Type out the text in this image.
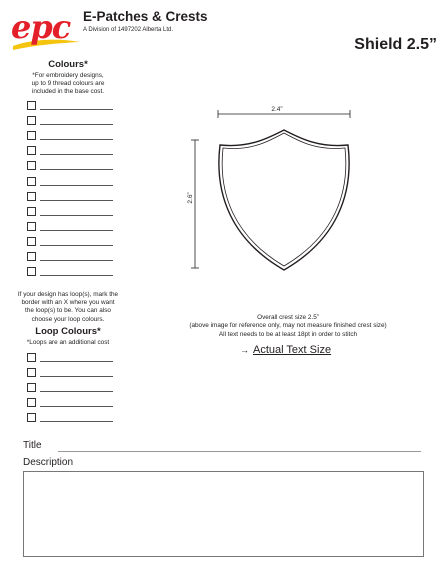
epc E-Patches & Crests
A Division of 1497202 Alberta Ltd.
Shield 2.5”
Colours*
*For embroidery designs,
up to 9 thread colours are
included in the base cost.
If your design has loop(s), mark the
border with an X where you want
the loop(s) to be. You can also
choose your loop colours.
Loop Colours*
*Loops are an additional cost
2.4”
2.6”
Overall crest size 2.5”
(above image for reference only, may not measure finished crest size)
All text needs to be at least 18pt in order to stitch
→ Actual Text Size
Title
Description
